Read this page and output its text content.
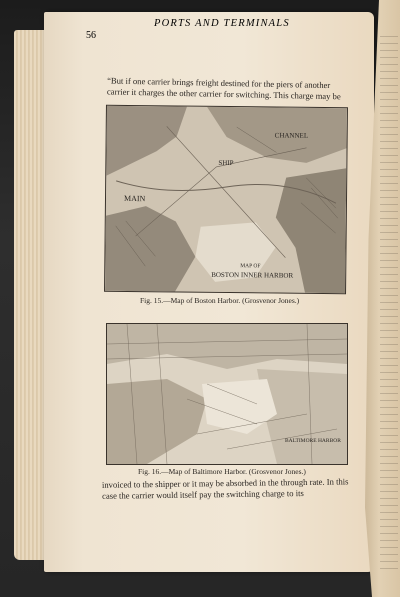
56
PORTS AND TERMINALS
“But if one carrier brings freight destined for the piers of another carrier it charges the other carrier for switching. This charge may be
MAIN
SHIP
CHANNEL
MAP OF
BOSTON INNER HARBOR
Fig. 15.—Map of Boston Harbor. (Grosvenor Jones.)
BALTIMORE HARBOR
Fig. 16.—Map of Baltimore Harbor. (Grosvenor Jones.)
invoiced to the shipper or it may be absorbed in the through rate. In this case the carrier would itself pay the switching charge to its
